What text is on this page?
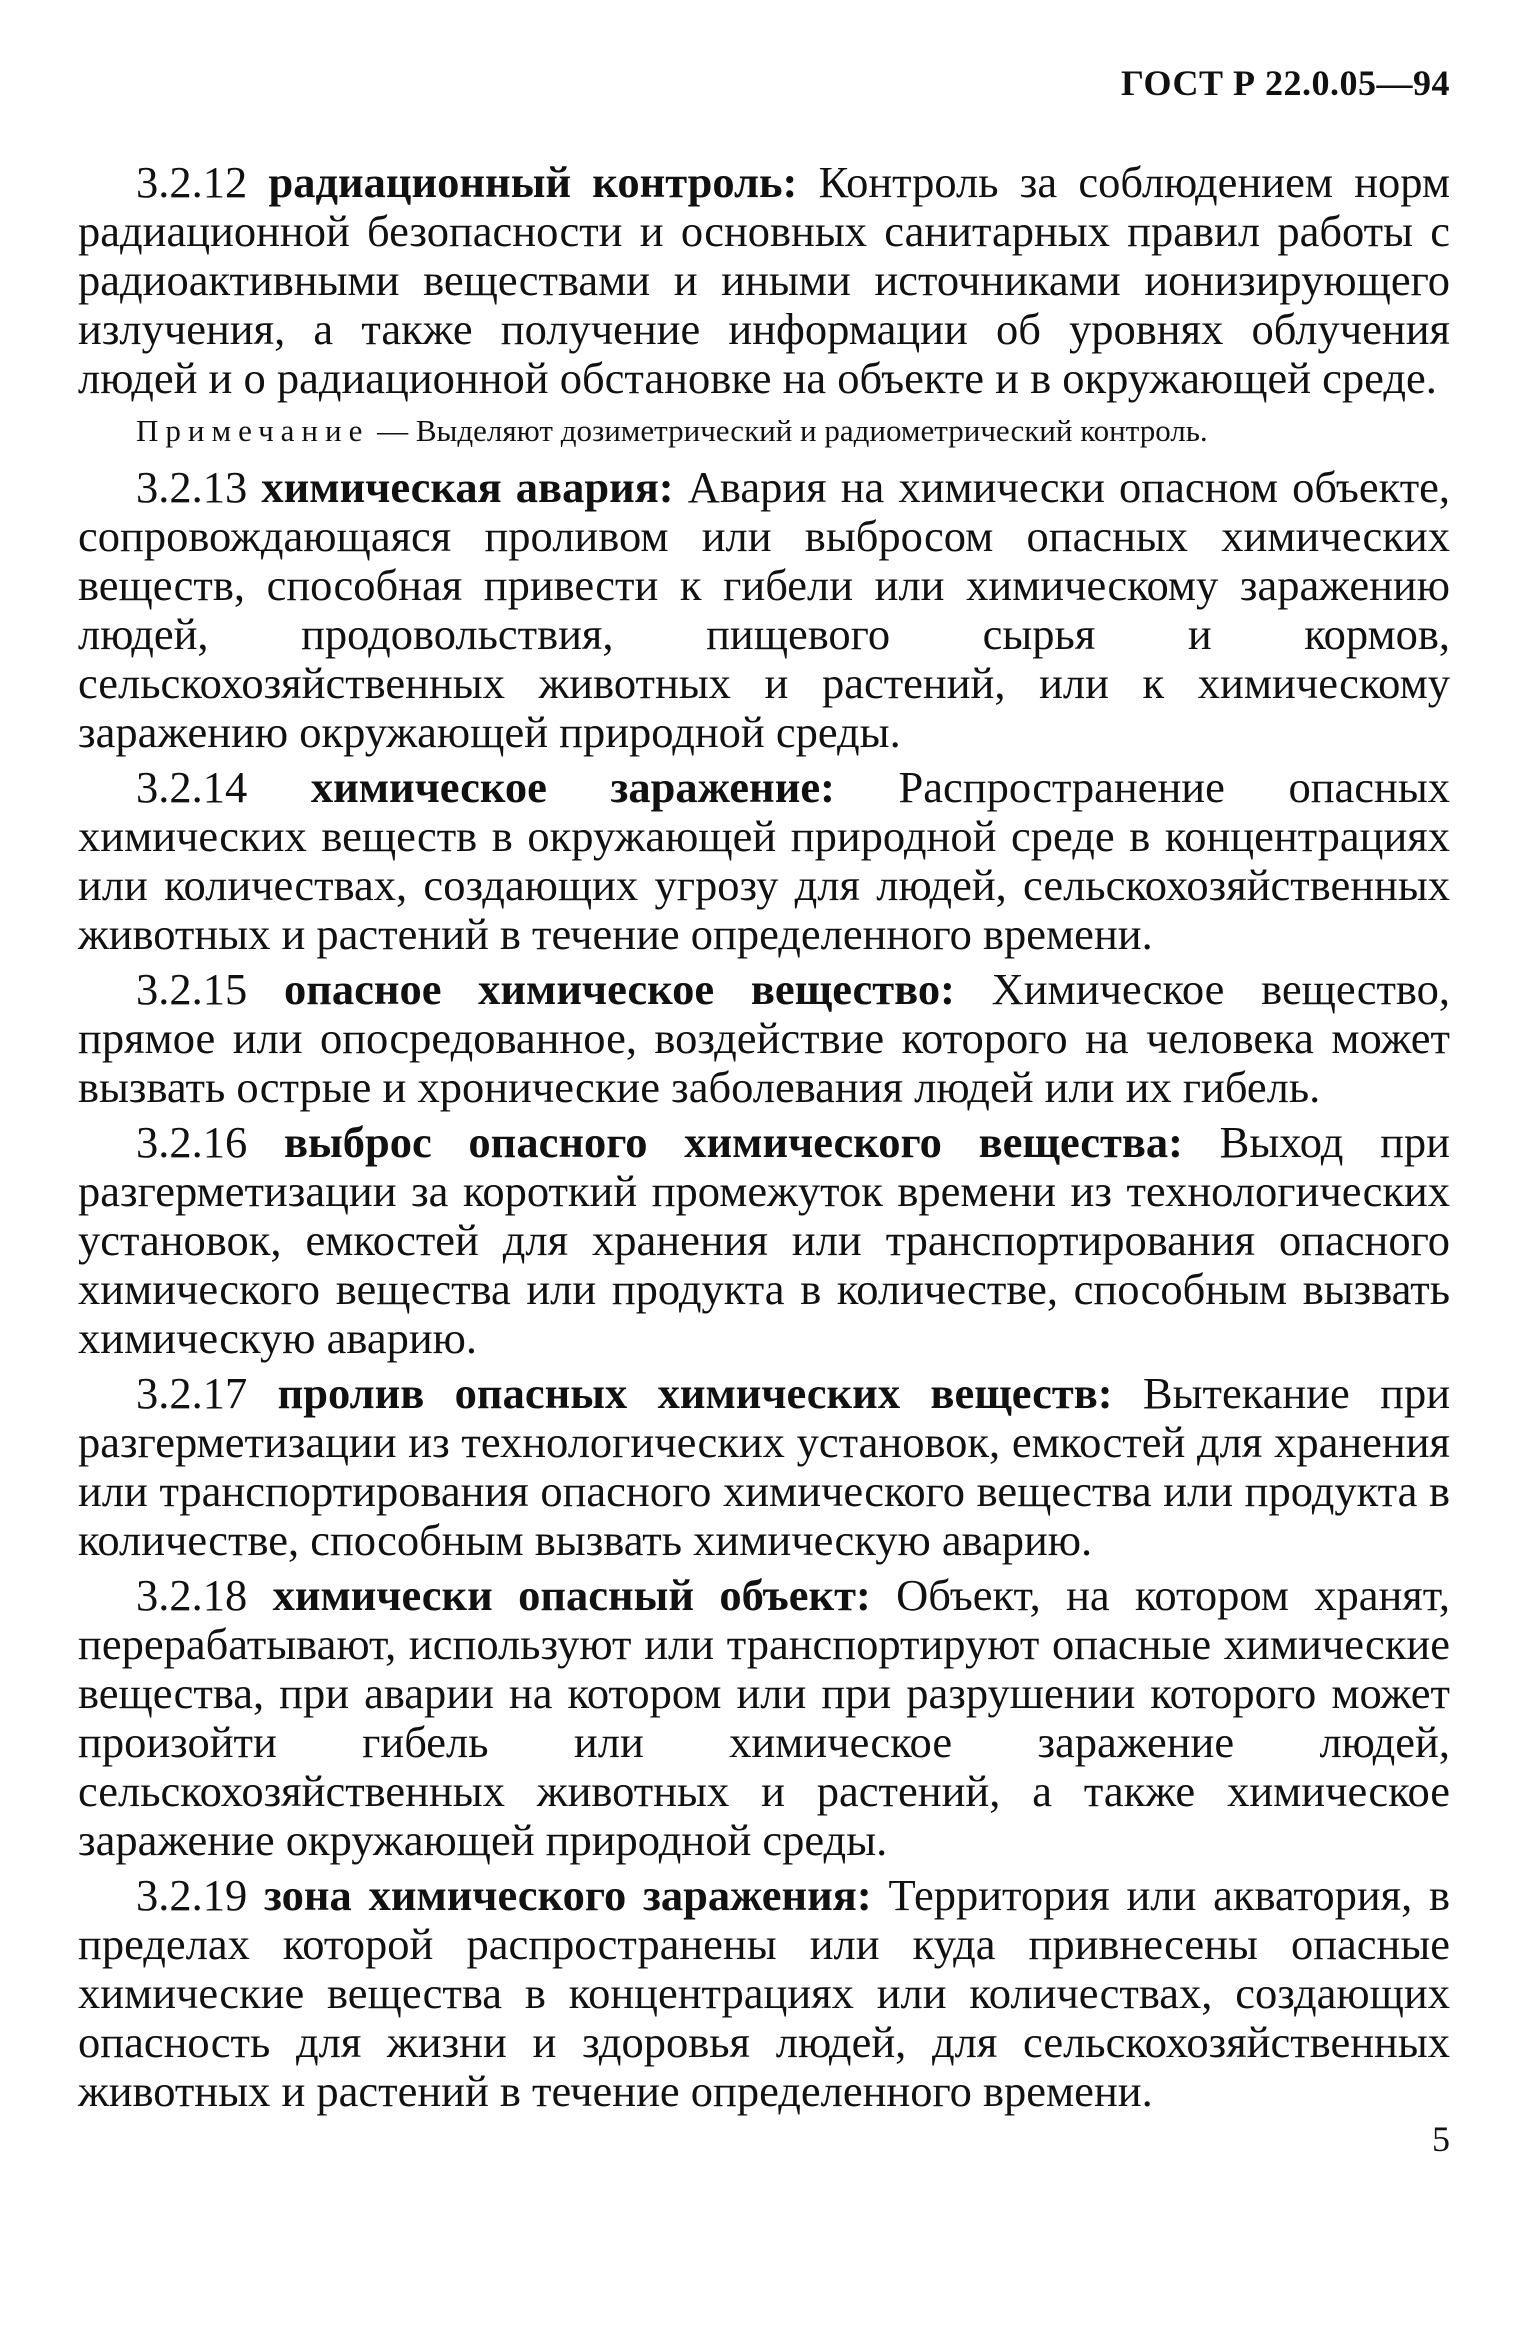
ГОСТ Р 22.0.05—94

3.2.12 радиационный контроль: Контроль за соблюдением норм радиационной безопасности и основных санитарных правил работы с радиоактивными веществами и иными источниками ионизирующего излучения, а также получение информации об уровнях облучения людей и о радиационной обстановке на объекте и в окружающей среде.

Примечание — Выделяют дозиметрический и радиометрический контроль.

3.2.13 химическая авария: Авария на химически опасном объекте, сопровождающаяся проливом или выбросом опасных химических веществ, способная привести к гибели или химическому заражению людей, продовольствия, пищевого сырья и кормов, сельскохозяйственных животных и растений, или к химическому заражению окружающей природной среды.

3.2.14 химическое заражение: Распространение опасных химических веществ в окружающей природной среде в концентрациях или количествах, создающих угрозу для людей, сельскохозяйственных животных и растений в течение определенного времени.

3.2.15 опасное химическое вещество: Химическое вещество, прямое или опосредованное, воздействие которого на человека может вызвать острые и хронические заболевания людей или их гибель.

3.2.16 выброс опасного химического вещества: Выход при разгерметизации за короткий промежуток времени из технологических установок, емкостей для хранения или транспортирования опасного химического вещества или продукта в количестве, способным вызвать химическую аварию.

3.2.17 пролив опасных химических веществ: Вытекание при разгерметизации из технологических установок, емкостей для хранения или транспортирования опасного химического вещества или продукта в количестве, способным вызвать химическую аварию.

3.2.18 химически опасный объект: Объект, на котором хранят, перерабатывают, используют или транспортируют опасные химические вещества, при аварии на котором или при разрушении которого может произойти гибель или химическое заражение людей, сельскохозяйственных животных и растений, а также химическое заражение окружающей природной среды.

3.2.19 зона химического заражения: Территория или акватория, в пределах которой распространены или куда привнесены опасные химические вещества в концентрациях или количествах, создающих опасность для жизни и здоровья людей, для сельскохозяйственных животных и растений в течение определенного времени.

5
